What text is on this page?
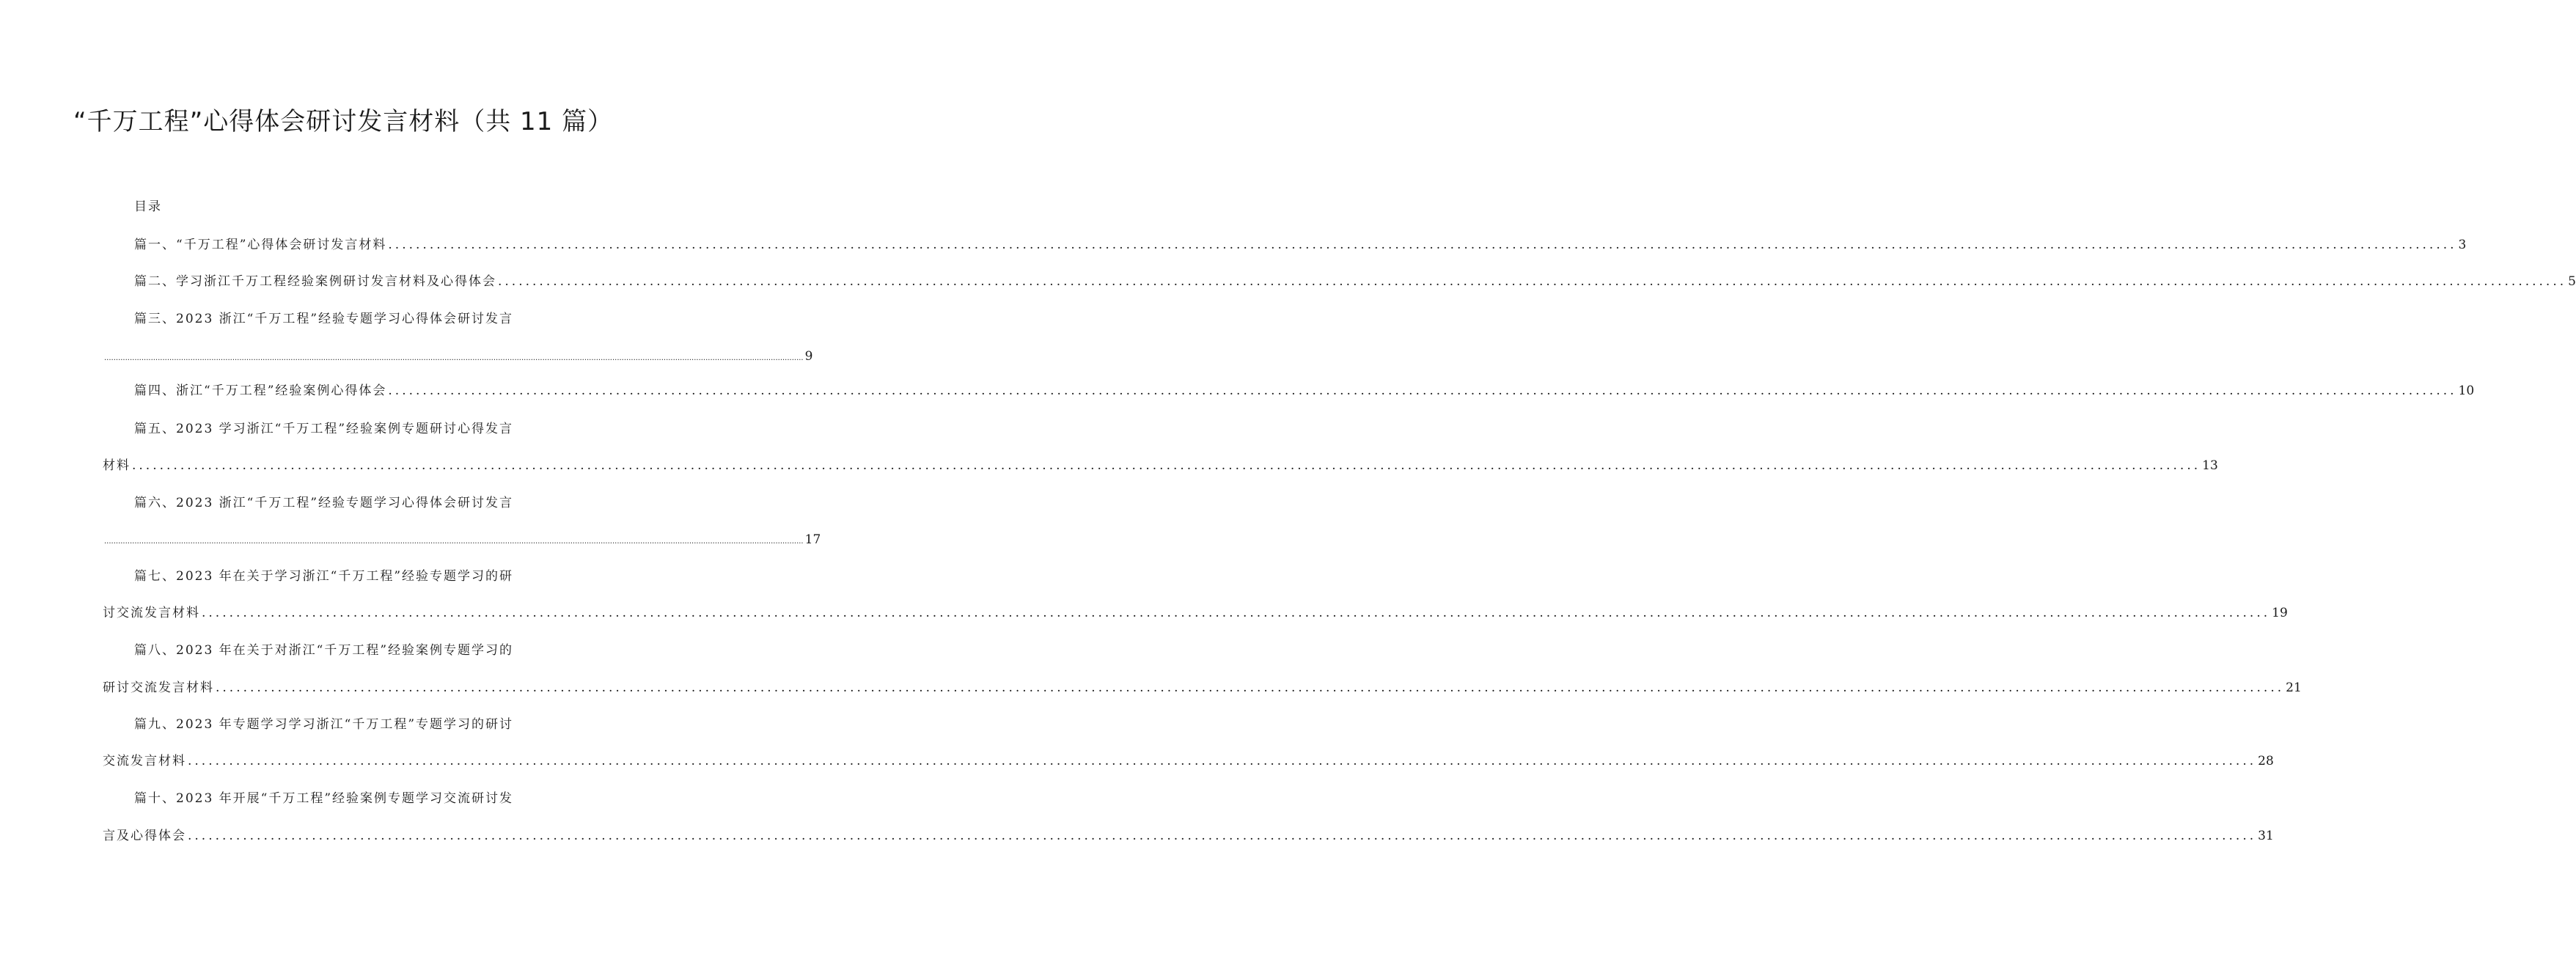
“千万工程”心得体会研讨发言材料（共 11 篇）
目录
篇一、“千万工程”心得体会研讨发言材料 ............................................................................................................................................................................................................................................................................................................ 3
篇二、学习浙江千万工程经验案例研讨发言材料及心得体会 ............................................................................................................................................................................................................................................................................................................ 5
篇三、2023 浙江“千万工程”经验专题学习心得体会研讨发言
............................................................................................................................................................................................................................................................................................................ 9
篇四、浙江“千万工程”经验案例心得体会 ............................................................................................................................................................................................................................................................................................................ 10
篇五、2023 学习浙江“千万工程”经验案例专题研讨心得发言
材料 ............................................................................................................................................................................................................................................................................................................ 13
篇六、2023 浙江“千万工程”经验专题学习心得体会研讨发言
............................................................................................................................................................................................................................................................................................................ 17
篇七、2023 年在关于学习浙江“千万工程”经验专题学习的研
讨交流发言材料 ............................................................................................................................................................................................................................................................................................................ 19
篇八、2023 年在关于对浙江“千万工程”经验案例专题学习的
研讨交流发言材料 ............................................................................................................................................................................................................................................................................................................ 21
篇九、2023 年专题学习学习浙江“千万工程”专题学习的研讨
交流发言材料 ............................................................................................................................................................................................................................................................................................................ 28
篇十、2023 年开展“千万工程”经验案例专题学习交流研讨发
言及心得体会 ............................................................................................................................................................................................................................................................................................................ 31
